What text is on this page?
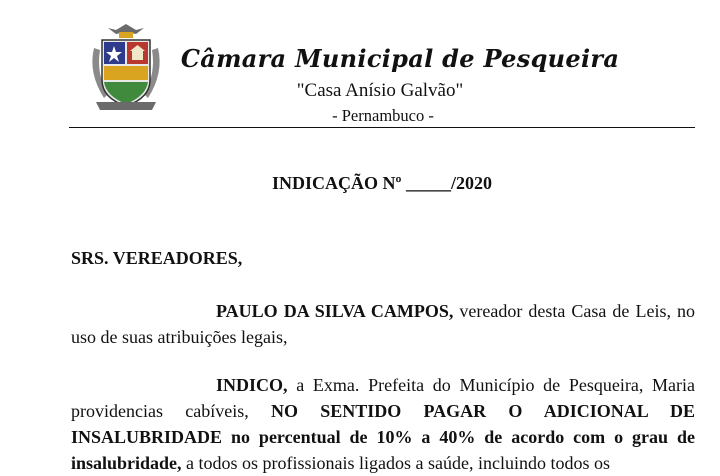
Câmara Municipal de Pesqueira
"Casa Anísio Galvão"
- Pernambuco -
INDICAÇÃO Nº _____/2020
SRS. VEREADORES,
PAULO DA SILVA CAMPOS, vereador desta Casa de Leis, no uso de suas atribuições legais,
INDICO, a Exma. Prefeita do Município de Pesqueira, Maria providencias cabíveis, NO SENTIDO PAGAR O ADICIONAL DE INSALUBRIDADE no percentual de 10% a 40% de acordo com o grau de insalubridade, a todos os profissionais ligados a saúde, incluindo todos os
